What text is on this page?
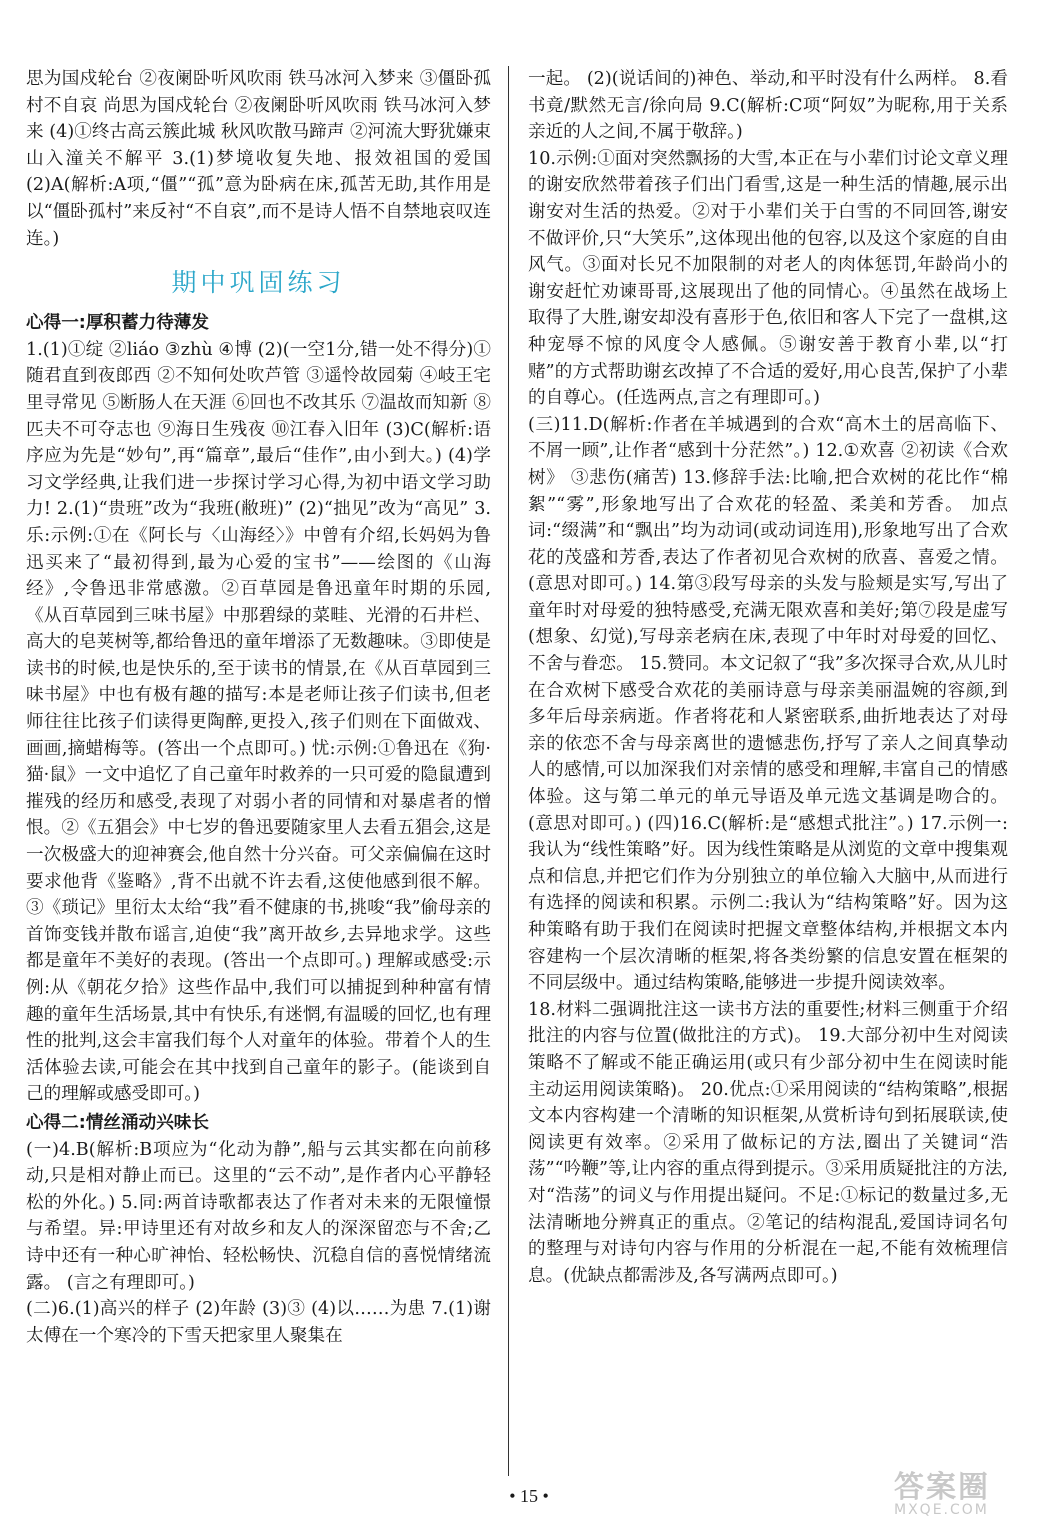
思为国戍轮台 ②夜阑卧听风吹雨 铁马冰河入梦来 ③僵卧孤村不自哀 尚思为国戍轮台 ②夜阑卧听风吹雨 铁马冰河入梦来 (4)①终古高云簇此城 秋风吹散马蹄声 ②河流大野犹嫌束 山入潼关不解平 3.(1)梦境收复失地、报效祖国的爱国 (2)A(解析:A项,“僵”“孤”意为卧病在床,孤苦无助,其作用是以“僵卧孤村”来反衬“不自哀”,而不是诗人悟不自禁地哀叹连连。)

期中巩固练习
心得一:厚积蓄力待薄发

1.(1)①绽 ②liáo ③zhù ④博 (2)(一空1分,错一处不得分)①随君直到夜郎西 ②不知何处吹芦管 ③遥怜故园菊 ④岐王宅里寻常见 ⑤断肠人在天涯 ⑥回也不改其乐 ⑦温故而知新 ⑧匹夫不可夺志也 ⑨海日生残夜 ⑩江春入旧年 (3)C(解析:语序应为先是“妙句”,再“篇章”,最后“佳作”,由小到大。) (4)学习文学经典,让我们进一步探讨学习心得,为初中语文学习助力! 2.(1)“贵班”改为“我班(敝班)” (2)“拙见”改为“高见” 3.乐:示例:①在《阿长与〈山海经〉》中曾有介绍,长妈妈为鲁迅买来了“最初得到,最为心爱的宝书”——绘图的《山海经》,令鲁迅非常感激。②百草园是鲁迅童年时期的乐园,《从百草园到三味书屋》中那碧绿的菜畦、光滑的石井栏、高大的皂荚树等,都给鲁迅的童年增添了无数趣味。③即使是读书的时候,也是快乐的,至于读书的情景,在《从百草园到三味书屋》中也有极有趣的描写:本是老师让孩子们读书,但老师往往比孩子们读得更陶醉,更投入,孩子们则在下面做戏、画画,摘蜡梅等。(答出一个点即可。) 忧:示例:①鲁迅在《狗·猫·鼠》一文中追忆了自己童年时救养的一只可爱的隐鼠遭到摧残的经历和感受,表现了对弱小者的同情和对暴虐者的憎恨。②《五猖会》中七岁的鲁迅要随家里人去看五猖会,这是一次极盛大的迎神赛会,他自然十分兴奋。可父亲偏偏在这时要求他背《鉴略》,背不出就不许去看,这使他感到很不解。③《琐记》里衍太太给“我”看不健康的书,挑唆“我”偷母亲的首饰变钱并散布谣言,迫使“我”离开故乡,去异地求学。这些都是童年不美好的表现。(答出一个点即可。) 理解或感受:示例:从《朝花夕拾》这些作品中,我们可以捕捉到种种富有情趣的童年生活场景,其中有快乐,有迷惘,有温暖的回忆,也有理性的批判,这会丰富我们每个人对童年的体验。带着个人的生活体验去读,可能会在其中找到自己童年的影子。(能谈到自己的理解或感受即可。)

心得二:情丝涌动兴味长

(一)4.B(解析:B项应为“化动为静”,船与云其实都在向前移动,只是相对静止而已。这里的“云不动”,是作者内心平静轻松的外化。) 5.同:两首诗歌都表达了作者对未来的无限憧憬与希望。异:甲诗里还有对故乡和友人的深深留恋与不舍;乙诗中还有一种心旷神怡、轻松畅快、沉稳自信的喜悦情绪流露。 (言之有理即可。)

(二)6.(1)高兴的样子 (2)年龄 (3)③ (4)以……为患 7.(1)谢太傅在一个寒冷的下雪天把家里人聚集在

一起。 (2)(说话间的)神色、举动,和平时没有什么两样。 8.看书竟/默然无言/徐向局 9.C(解析:C项“阿奴”为昵称,用于关系亲近的人之间,不属于敬辞。)

10.示例:①面对突然飘扬的大雪,本正在与小辈们讨论文章义理的谢安欣然带着孩子们出门看雪,这是一种生活的情趣,展示出谢安对生活的热爱。②对于小辈们关于白雪的不同回答,谢安不做评价,只“大笑乐”,这体现出他的包容,以及这个家庭的自由风气。③面对长兄不加限制的对老人的肉体惩罚,年龄尚小的谢安赶忙劝谏哥哥,这展现出了他的同情心。④虽然在战场上取得了大胜,谢安却没有喜形于色,依旧和客人下完了一盘棋,这种宠辱不惊的风度令人感佩。⑤谢安善于教育小辈,以“打赌”的方式帮助谢玄改掉了不合适的爱好,用心良苦,保护了小辈的自尊心。(任选两点,言之有理即可。)

(三)11.D(解析:作者在羊城遇到的合欢“高木土的居高临下、不屑一顾”,让作者“感到十分茫然”。) 12.①欢喜 ②初读《合欢树》 ③悲伤(痛苦) 13.修辞手法:比喻,把合欢树的花比作“棉絮”“雾”,形象地写出了合欢花的轻盈、柔美和芳香。 加点词:“缀满”和“飘出”均为动词(或动词连用),形象地写出了合欢花的茂盛和芳香,表达了作者初见合欢树的欣喜、喜爱之情。(意思对即可。) 14.第③段写母亲的头发与脸颊是实写,写出了童年时对母爱的独特感受,充满无限欢喜和美好;第⑦段是虚写(想象、幻觉),写母亲老病在床,表现了中年时对母爱的回忆、不舍与眷恋。 15.赞同。本文记叙了“我”多次探寻合欢,从儿时在合欢树下感受合欢花的美丽诗意与母亲美丽温婉的容颜,到多年后母亲病逝。作者将花和人紧密联系,曲折地表达了对母亲的依恋不舍与母亲离世的遗憾悲伤,抒写了亲人之间真挚动人的感情,可以加深我们对亲情的感受和理解,丰富自己的情感体验。这与第二单元的单元导语及单元选文基调是吻合的。(意思对即可。) (四)16.C(解析:是“感想式批注”。) 17.示例一:我认为“线性策略”好。因为线性策略是从浏览的文章中搜集观点和信息,并把它们作为分别独立的单位输入大脑中,从而进行有选择的阅读和积累。示例二:我认为“结构策略”好。因为这种策略有助于我们在阅读时把握文章整体结构,并根据文本内容建构一个层次清晰的框架,将各类纷繁的信息安置在框架的不同层级中。通过结构策略,能够进一步提升阅读效率。

18.材料二强调批注这一读书方法的重要性;材料三侧重于介绍批注的内容与位置(做批注的方式)。 19.大部分初中生对阅读策略不了解或不能正确运用(或只有少部分初中生在阅读时能主动运用阅读策略)。 20.优点:①采用阅读的“结构策略”,根据文本内容构建一个清晰的知识框架,从赏析诗句到拓展联读,使阅读更有效率。②采用了做标记的方法,圈出了关键词“浩荡”“吟鞭”等,让内容的重点得到提示。③采用质疑批注的方法,对“浩荡”的词义与作用提出疑问。不足:①标记的数量过多,无法清晰地分辨真正的重点。②笔记的结构混乱,爱国诗词名句的整理与对诗句内容与作用的分析混在一起,不能有效梳理信息。(优缺点都需涉及,各写满两点即可。)

• 15 •	答案圈
MXQE.COM
